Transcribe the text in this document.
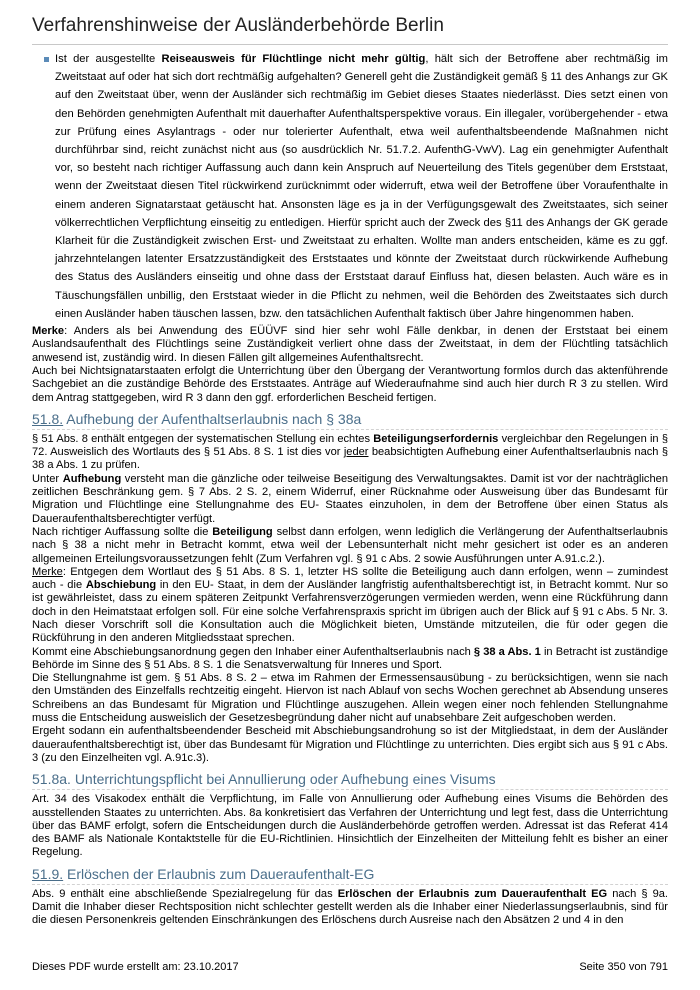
Verfahrenshinweise der Ausländerbehörde Berlin

Ist der ausgestellte Reiseausweis für Flüchtlinge nicht mehr gültig, hält sich der Betroffene aber rechtmäßig im Zweitstaat auf oder hat sich dort rechtmäßig aufgehalten? Generell geht die Zuständigkeit gemäß § 11 des Anhangs zur GK auf den Zweitstaat über, wenn der Ausländer sich rechtmäßig im Gebiet dieses Staates niederlässt. Dies setzt einen von den Behörden genehmigten Aufenthalt mit dauerhafter Aufenthaltsperspektive voraus. Ein illegaler, vorübergehender - etwa zur Prüfung eines Asylantrags - oder nur tolerierter Aufenthalt, etwa weil aufenthaltsbeendende Maßnahmen nicht durchführbar sind, reicht zunächst nicht aus (so ausdrücklich Nr. 51.7.2. AufenthG-VwV). Lag ein genehmigter Aufenthalt vor, so besteht nach richtiger Auffassung auch dann kein Anspruch auf Neuerteilung des Titels gegenüber dem Erststaat, wenn der Zweitstaat diesen Titel rückwirkend zurücknimmt oder widerruft, etwa weil der Betroffene über Voraufenthalte in einem anderen Signatarstaat getäuscht hat. Ansonsten läge es ja in der Verfügungsgewalt des Zweitstaates, sich seiner völkerrechtlichen Verpflichtung einseitig zu entledigen. Hierfür spricht auch der Zweck des §11 des Anhangs der GK gerade Klarheit für die Zuständigkeit zwischen Erst- und Zweitstaat zu erhalten. Wollte man anders entscheiden, käme es zu ggf. jahrzehntelangen latenter Ersatzzuständigkeit des Erststaates und könnte der Zweitstaat durch rückwirkende Aufhebung des Status des Ausländers einseitig und ohne dass der Erststaat darauf Einfluss hat, diesen belasten. Auch wäre es in Täuschungsfällen unbillig, den Erststaat wieder in die Pflicht zu nehmen, weil die Behörden des Zweitstaates sich durch einen Ausländer haben täuschen lassen, bzw. den tatsächlichen Aufenthalt faktisch über Jahre hingenommen haben.

Merke: Anders als bei Anwendung des EÜÜVF sind hier sehr wohl Fälle denkbar, in denen der Erststaat bei einem Auslandsaufenthalt des Flüchtlings seine Zuständigkeit verliert ohne dass der Zweitstaat, in dem der Flüchtling tatsächlich anwesend ist, zuständig wird. In diesen Fällen gilt allgemeines Aufenthaltsrecht.

Auch bei Nichtsignatarstaaten erfolgt die Unterrichtung über den Übergang der Verantwortung formlos durch das aktenführende Sachgebiet an die zuständige Behörde des Erststaates. Anträge auf Wiederaufnahme sind auch hier durch R 3 zu stellen. Wird dem Antrag stattgegeben, wird R 3 dann den ggf. erforderlichen Bescheid fertigen.

51.8. Aufhebung der Aufenthaltserlaubnis nach § 38a

§ 51 Abs. 8 enthält entgegen der systematischen Stellung ein echtes Beteiligungserfordernis vergleichbar den Regelungen in § 72. Ausweislich des Wortlauts des § 51 Abs. 8 S. 1 ist dies vor jeder beabsichtigten Aufhebung einer Aufenthaltserlaubnis nach § 38 a Abs. 1 zu prüfen.

Unter Aufhebung versteht man die gänzliche oder teilweise Beseitigung des Verwaltungsaktes. Damit ist vor der nachträglichen zeitlichen Beschränkung gem. § 7 Abs. 2 S. 2, einem Widerruf, einer Rücknahme oder Ausweisung über das Bundesamt für Migration und Flüchtlinge eine Stellungnahme des EU- Staates einzuholen, in dem der Betroffene über einen Status als Daueraufenthaltsberechtigter verfügt.

Nach richtiger Auffassung sollte die Beteiligung selbst dann erfolgen, wenn lediglich die Verlängerung der Aufenthaltserlaubnis nach § 38 a nicht mehr in Betracht kommt, etwa weil der Lebensunterhalt nicht mehr gesichert ist oder es an anderen allgemeinen Erteilungsvoraussetzungen fehlt (Zum Verfahren vgl. § 91 c Abs. 2 sowie Ausführungen unter A.91.c.2.).

Merke: Entgegen dem Wortlaut des § 51 Abs. 8 S. 1, letzter HS sollte die Beteiligung auch dann erfolgen, wenn – zumindest auch - die Abschiebung in den EU- Staat, in dem der Ausländer langfristig aufenthaltsberechtigt ist, in Betracht kommt. Nur so ist gewährleistet, dass zu einem späteren Zeitpunkt Verfahrensverzögerungen vermieden werden, wenn eine Rückführung dann doch in den Heimatstaat erfolgen soll. Für eine solche Verfahrenspraxis spricht im übrigen auch der Blick auf § 91 c Abs. 5 Nr. 3. Nach dieser Vorschrift soll die Konsultation auch die Möglichkeit bieten, Umstände mitzuteilen, die für oder gegen die Rückführung in den anderen Mitgliedsstaat sprechen.

Kommt eine Abschiebungsanordnung gegen den Inhaber einer Aufenthaltserlaubnis nach § 38 a Abs. 1 in Betracht ist zuständige Behörde im Sinne des § 51 Abs. 8 S. 1 die Senatsverwaltung für Inneres und Sport.

Die Stellungnahme ist gem. § 51 Abs. 8 S. 2 – etwa im Rahmen der Ermessensausübung - zu berücksichtigen, wenn sie nach den Umständen des Einzelfalls rechtzeitig eingeht. Hiervon ist nach Ablauf von sechs Wochen gerechnet ab Absendung unseres Schreibens an das Bundesamt für Migration und Flüchtlinge auszugehen. Allein wegen einer noch fehlenden Stellungnahme muss die Entscheidung ausweislich der Gesetzesbegründung daher nicht auf unabsehbare Zeit aufgeschoben werden.

Ergeht sodann ein aufenthaltsbeendender Bescheid mit Abschiebungsandrohung so ist der Mitgliedstaat, in dem der Ausländer daueraufenthaltsberechtigt ist, über das Bundesamt für Migration und Flüchtlinge zu unterrichten. Dies ergibt sich aus § 91 c Abs. 3 (zu den Einzelheiten vgl. A.91c.3).

51.8a. Unterrichtungspflicht bei Annullierung oder Aufhebung eines Visums

Art. 34 des Visakodex enthält die Verpflichtung, im Falle von Annullierung oder Aufhebung eines Visums die Behörden des ausstellenden Staates zu unterrichten. Abs. 8a konkretisiert das Verfahren der Unterrichtung und legt fest, dass die Unterrichtung über das BAMF erfolgt, sofern die Entscheidungen durch die Ausländerbehörde getroffen werden. Adressat ist das Referat 414 des BAMF als Nationale Kontaktstelle für die EU-Richtlinien. Hinsichtlich der Einzelheiten der Mitteilung fehlt es bisher an einer Regelung.

51.9. Erlöschen der Erlaubnis zum Daueraufenthalt-EG

Abs. 9 enthält eine abschließende Spezialregelung für das Erlöschen der Erlaubnis zum Daueraufenthalt EG nach § 9a. Damit die Inhaber dieser Rechtsposition nicht schlechter gestellt werden als die Inhaber einer Niederlassungserlaubnis, sind für die diesen Personenkreis geltenden Einschränkungen des Erlöschens durch Ausreise nach den Absätzen 2 und 4 in den

Dieses PDF wurde erstellt am: 23.10.2017	Seite 350 von 791
